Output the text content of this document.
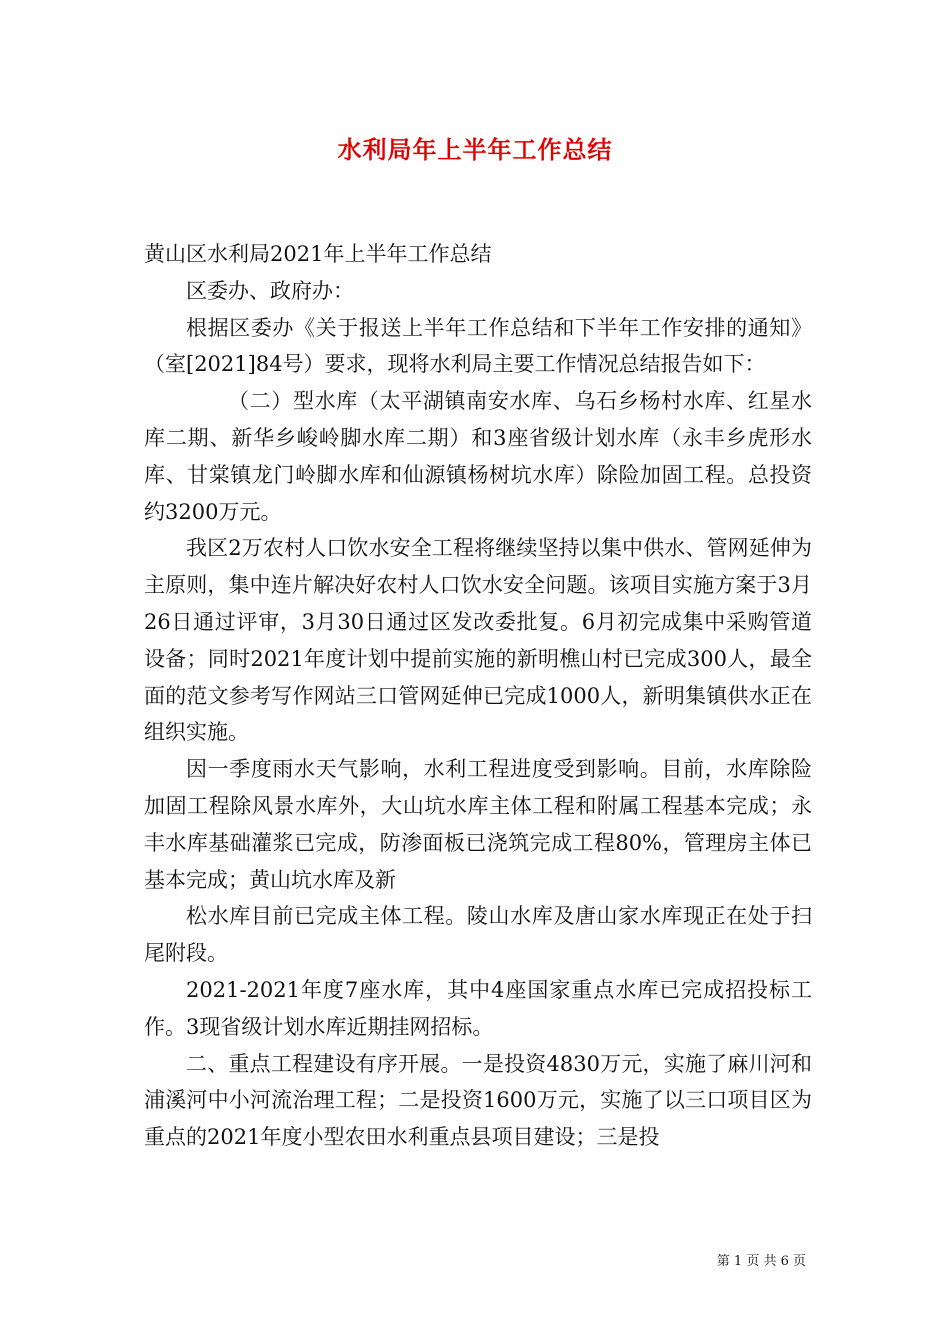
水利局年上半年工作总结

黄山区水利局2021年上半年工作总结

区委办、政府办：

根据区委办《关于报送上半年工作总结和下半年工作安排的通知》（室[2021]84号）要求，现将水利局主要工作情况总结报告如下：

（二）型水库（太平湖镇南安水库、乌石乡杨村水库、红星水库二期、新华乡峻岭脚水库二期）和3座省级计划水库（永丰乡虎形水库、甘棠镇龙门岭脚水库和仙源镇杨树坑水库）除险加固工程。总投资约3200万元。

我区2万农村人口饮水安全工程将继续坚持以集中供水、管网延伸为主原则，集中连片解决好农村人口饮水安全问题。该项目实施方案于3月26日通过评审，3月30日通过区发改委批复。6月初完成集中采购管道设备；同时2021年度计划中提前实施的新明樵山村已完成300人，最全面的范文参考写作网站三口管网延伸已完成1000人，新明集镇供水正在组织实施。

因一季度雨水天气影响，水利工程进度受到影响。目前，水库除险加固工程除风景水库外，大山坑水库主体工程和附属工程基本完成；永丰水库基础灌浆已完成，防渗面板已浇筑完成工程80%，管理房主体已基本完成；黄山坑水库及新

松水库目前已完成主体工程。陵山水库及唐山家水库现正在处于扫尾附段。

2021-2021年度7座水库，其中4座国家重点水库已完成招投标工作。3现省级计划水库近期挂网招标。

二、重点工程建设有序开展。一是投资4830万元，实施了麻川河和浦溪河中小河流治理工程；二是投资1600万元，实施了以三口项目区为重点的2021年度小型农田水利重点县项目建设；三是投

第 1 页 共 6 页
